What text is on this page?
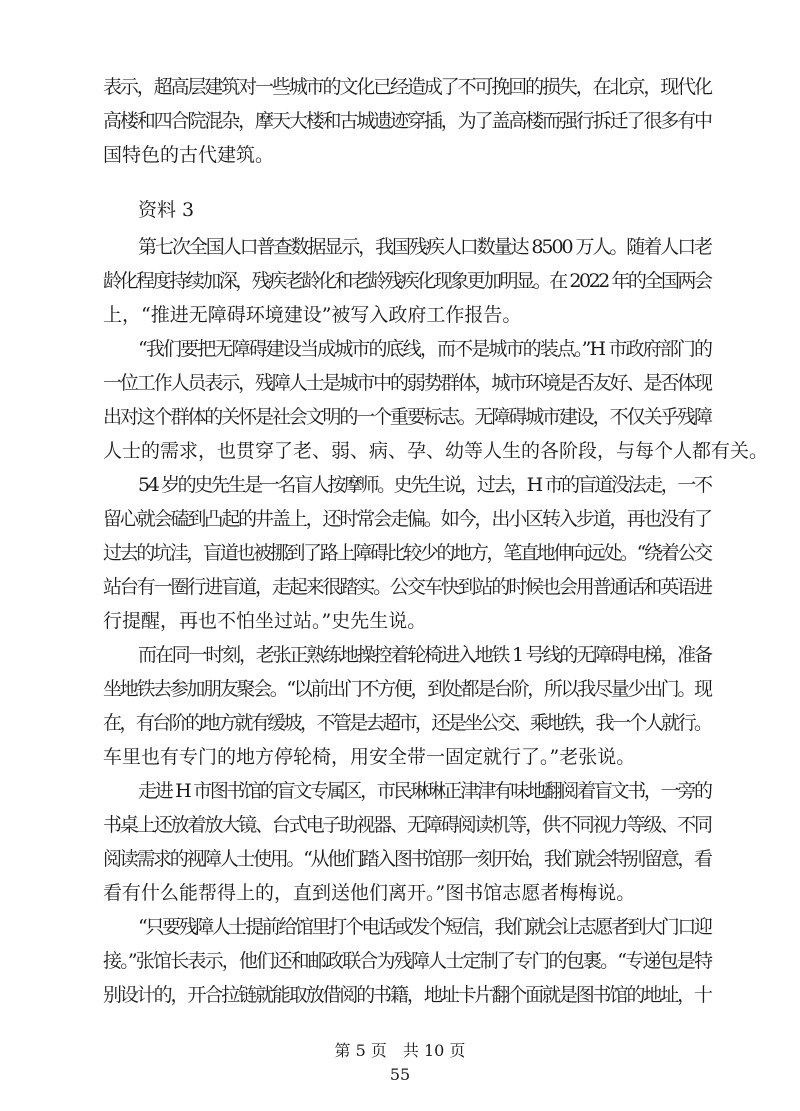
表示，超高层建筑对一些城市的文化已经造成了不可挽回的损失，在北京，现代化
高楼和四合院混杂，摩天大楼和古城遗迹穿插，为了盖高楼而强行拆迁了很多有中
国特色的古代建筑。
资料 3
第七次全国人口普查数据显示，我国残疾人口数量达 8500 万人。随着人口老
龄化程度持续加深，残疾老龄化和老龄残疾化现象更加明显。在 2022 年的全国两会
上，“推进无障碍环境建设”被写入政府工作报告。
“我们要把无障碍建设当成城市的底线，而不是城市的装点。”H 市政府部门的
一位工作人员表示，残障人士是城市中的弱势群体，城市环境是否友好、是否体现
出对这个群体的关怀是社会文明的一个重要标志。无障碍城市建设，不仅关乎残障
人士的需求，也贯穿了老、弱、病、孕、幼等人生的各阶段，与每个人都有关。
54 岁的史先生是一名盲人按摩师。史先生说，过去，H 市的盲道没法走，一不
留心就会磕到凸起的井盖上，还时常会走偏。如今，出小区转入步道，再也没有了
过去的坑洼，盲道也被挪到了路上障碍比较少的地方，笔直地伸向远处。“绕着公交
站台有一圈行进盲道，走起来很踏实。公交车快到站的时候也会用普通话和英语进
行提醒，再也不怕坐过站。”史先生说。
而在同一时刻，老张正熟练地操控着轮椅进入地铁 1 号线的无障碍电梯，准备
坐地铁去参加朋友聚会。“以前出门不方便，到处都是台阶，所以我尽量少出门。现
在，有台阶的地方就有缓坡，不管是去超市，还是坐公交、乘地铁，我一个人就行。
车里也有专门的地方停轮椅，用安全带一固定就行了。”老张说。
走进 H 市图书馆的盲文专属区，市民琳琳正津津有味地翻阅着盲文书，一旁的
书桌上还放着放大镜、台式电子助视器、无障碍阅读机等，供不同视力等级、不同
阅读需求的视障人士使用。“从他们踏入图书馆那一刻开始，我们就会特别留意，看
看有什么能帮得上的，直到送他们离开。”图书馆志愿者梅梅说。
“只要残障人士提前给馆里打个电话或发个短信，我们就会让志愿者到大门口迎
接。”张馆长表示，他们还和邮政联合为残障人士定制了专门的包裹。“专递包是特
别设计的，开合拉链就能取放借阅的书籍，地址卡片翻个面就是图书馆的地址，十
第 5 页　共 10 页
55
